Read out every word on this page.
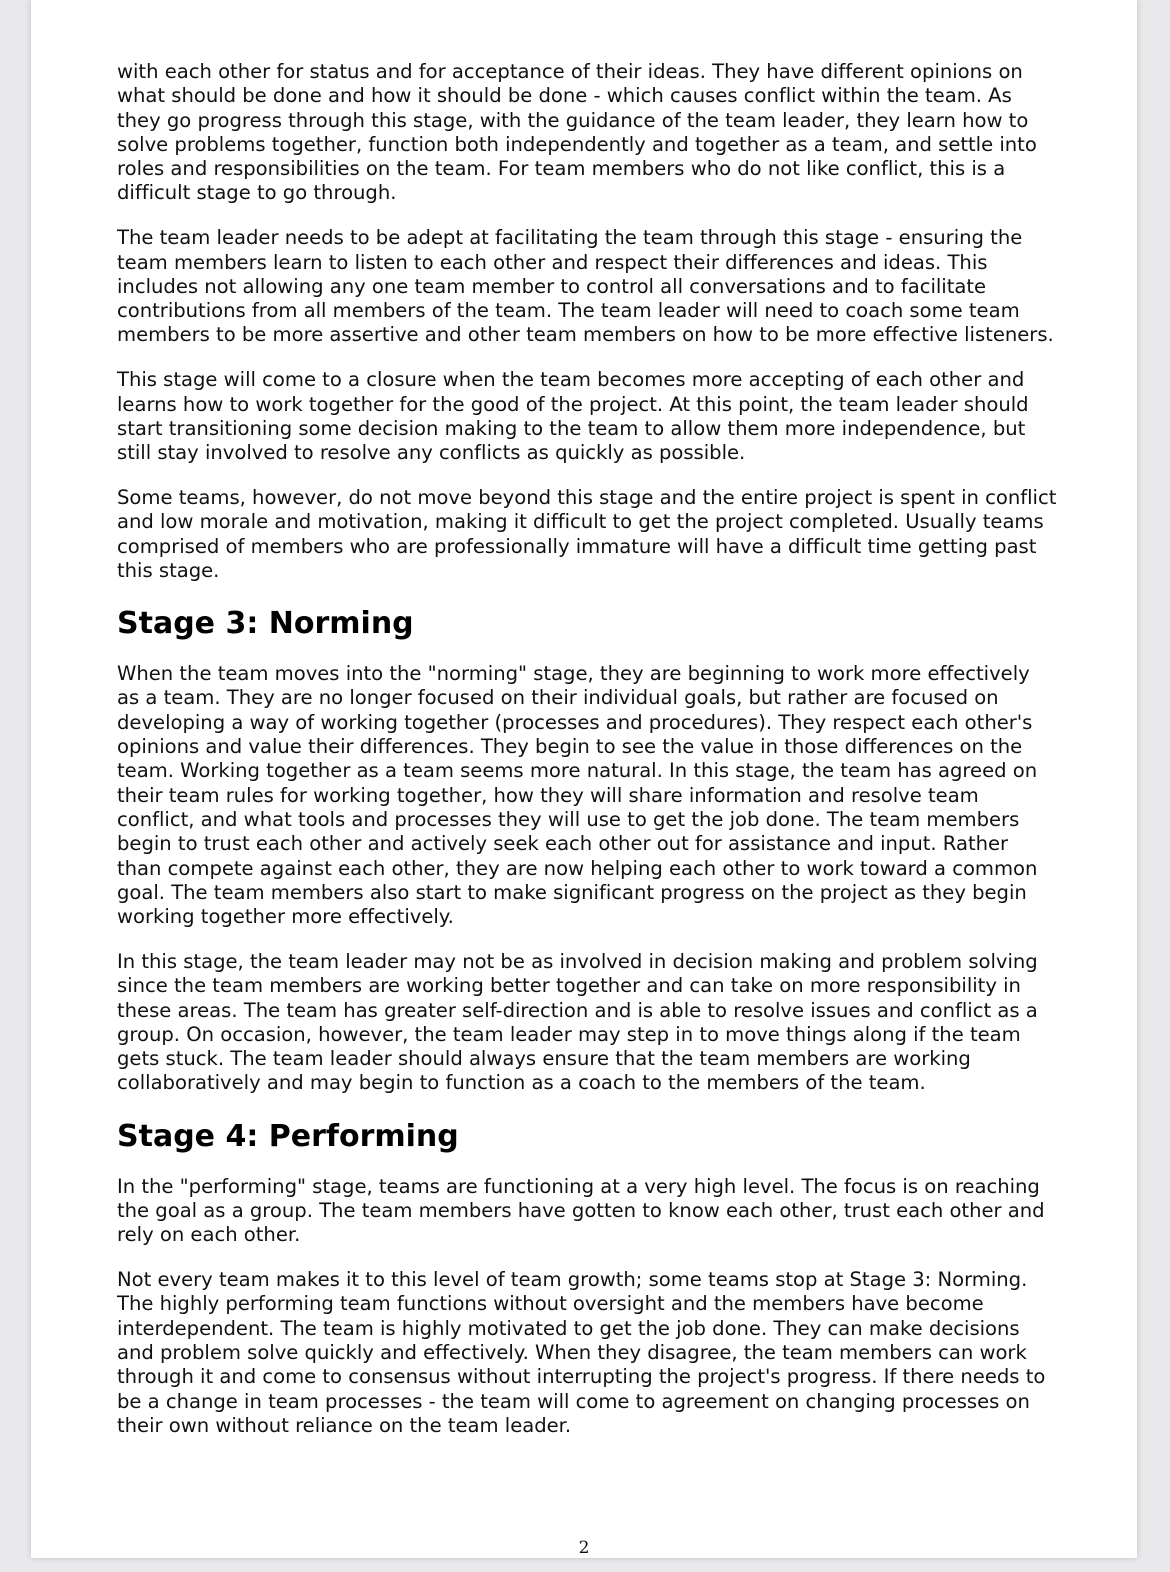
with each other for status and for acceptance of their ideas. They have different opinions on what should be done and how it should be done - which causes conflict within the team. As they go progress through this stage, with the guidance of the team leader, they learn how to solve problems together, function both independently and together as a team, and settle into roles and responsibilities on the team. For team members who do not like conflict, this is a difficult stage to go through.

The team leader needs to be adept at facilitating the team through this stage - ensuring the team members learn to listen to each other and respect their differences and ideas. This includes not allowing any one team member to control all conversations and to facilitate contributions from all members of the team. The team leader will need to coach some team members to be more assertive and other team members on how to be more effective listeners.

This stage will come to a closure when the team becomes more accepting of each other and learns how to work together for the good of the project. At this point, the team leader should start transitioning some decision making to the team to allow them more independence, but still stay involved to resolve any conflicts as quickly as possible.

Some teams, however, do not move beyond this stage and the entire project is spent in conflict and low morale and motivation, making it difficult to get the project completed. Usually teams comprised of members who are professionally immature will have a difficult time getting past this stage.

Stage 3: Norming

When the team moves into the "norming" stage, they are beginning to work more effectively as a team. They are no longer focused on their individual goals, but rather are focused on developing a way of working together (processes and procedures). They respect each other's opinions and value their differences. They begin to see the value in those differences on the team. Working together as a team seems more natural. In this stage, the team has agreed on their team rules for working together, how they will share information and resolve team conflict, and what tools and processes they will use to get the job done. The team members begin to trust each other and actively seek each other out for assistance and input. Rather than compete against each other, they are now helping each other to work toward a common goal. The team members also start to make significant progress on the project as they begin working together more effectively.

In this stage, the team leader may not be as involved in decision making and problem solving since the team members are working better together and can take on more responsibility in these areas. The team has greater self-direction and is able to resolve issues and conflict as a group. On occasion, however, the team leader may step in to move things along if the team gets stuck. The team leader should always ensure that the team members are working collaboratively and may begin to function as a coach to the members of the team.

Stage 4: Performing

In the "performing" stage, teams are functioning at a very high level. The focus is on reaching the goal as a group. The team members have gotten to know each other, trust each other and rely on each other.

Not every team makes it to this level of team growth; some teams stop at Stage 3: Norming. The highly performing team functions without oversight and the members have become interdependent. The team is highly motivated to get the job done. They can make decisions and problem solve quickly and effectively. When they disagree, the team members can work through it and come to consensus without interrupting the project's progress. If there needs to be a change in team processes - the team will come to agreement on changing processes on their own without reliance on the team leader.

2
